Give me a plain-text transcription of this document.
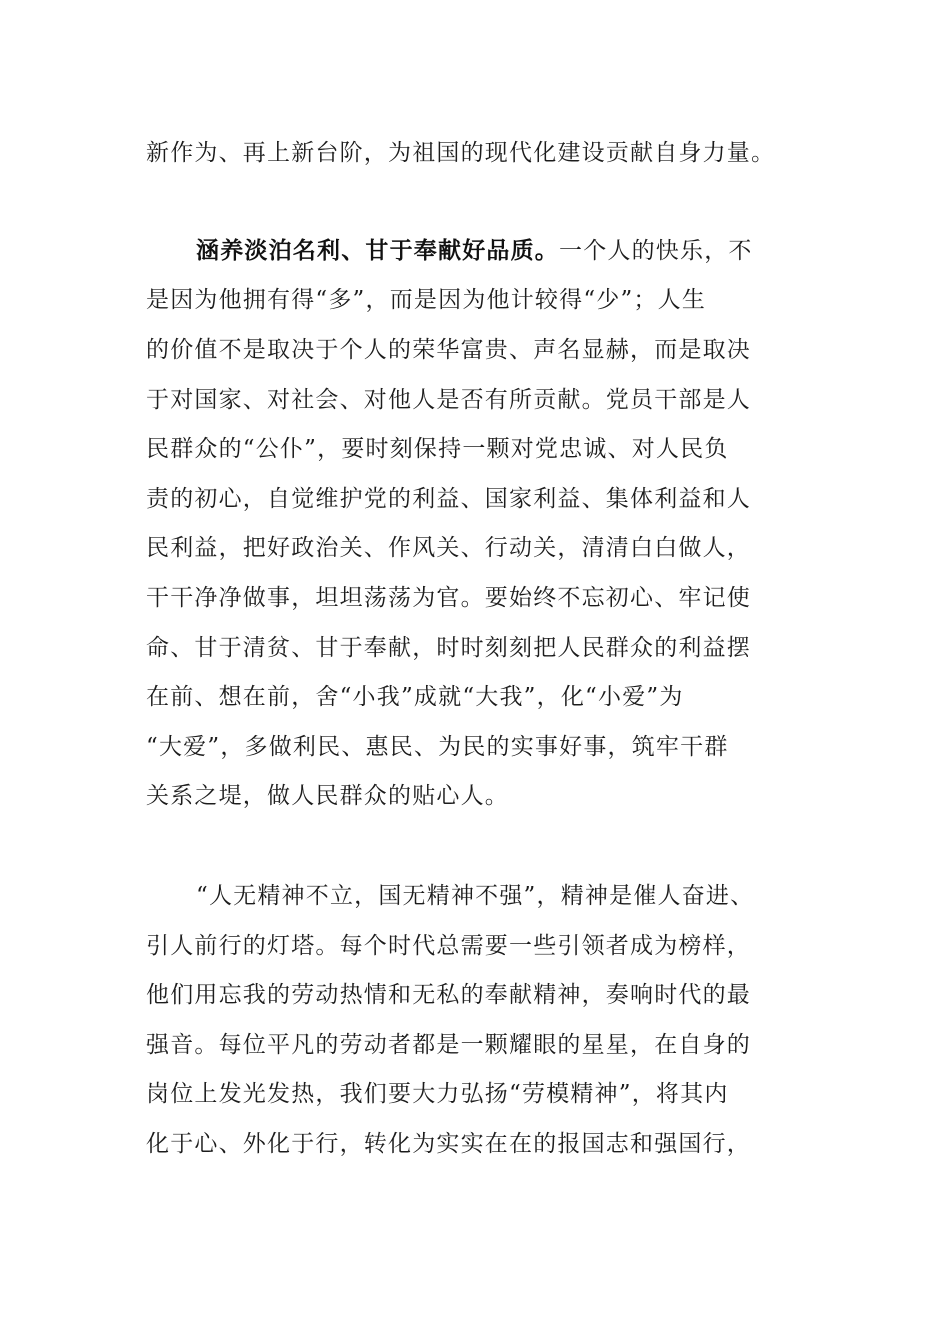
新作为、再上新台阶，为祖国的现代化建设贡献自身力量。
涵养淡泊名利、甘于奉献好品质。一个人的快乐，不
是因为他拥有得“多”，而是因为他计较得“少”；人生
的价值不是取决于个人的荣华富贵、声名显赫，而是取决
于对国家、对社会、对他人是否有所贡献。党员干部是人
民群众的“公仆”，要时刻保持一颗对党忠诚、对人民负
责的初心，自觉维护党的利益、国家利益、集体利益和人
民利益，把好政治关、作风关、行动关，清清白白做人，
干干净净做事，坦坦荡荡为官。要始终不忘初心、牢记使
命、甘于清贫、甘于奉献，时时刻刻把人民群众的利益摆
在前、想在前，舍“小我”成就“大我”，化“小爱”为
“大爱”，多做利民、惠民、为民的实事好事，筑牢干群
关系之堤，做人民群众的贴心人。
“人无精神不立，国无精神不强”，精神是催人奋进、
引人前行的灯塔。每个时代总需要一些引领者成为榜样，
他们用忘我的劳动热情和无私的奉献精神，奏响时代的最
强音。每位平凡的劳动者都是一颗耀眼的星星，在自身的
岗位上发光发热，我们要大力弘扬“劳模精神”，将其内
化于心、外化于行，转化为实实在在的报国志和强国行，
